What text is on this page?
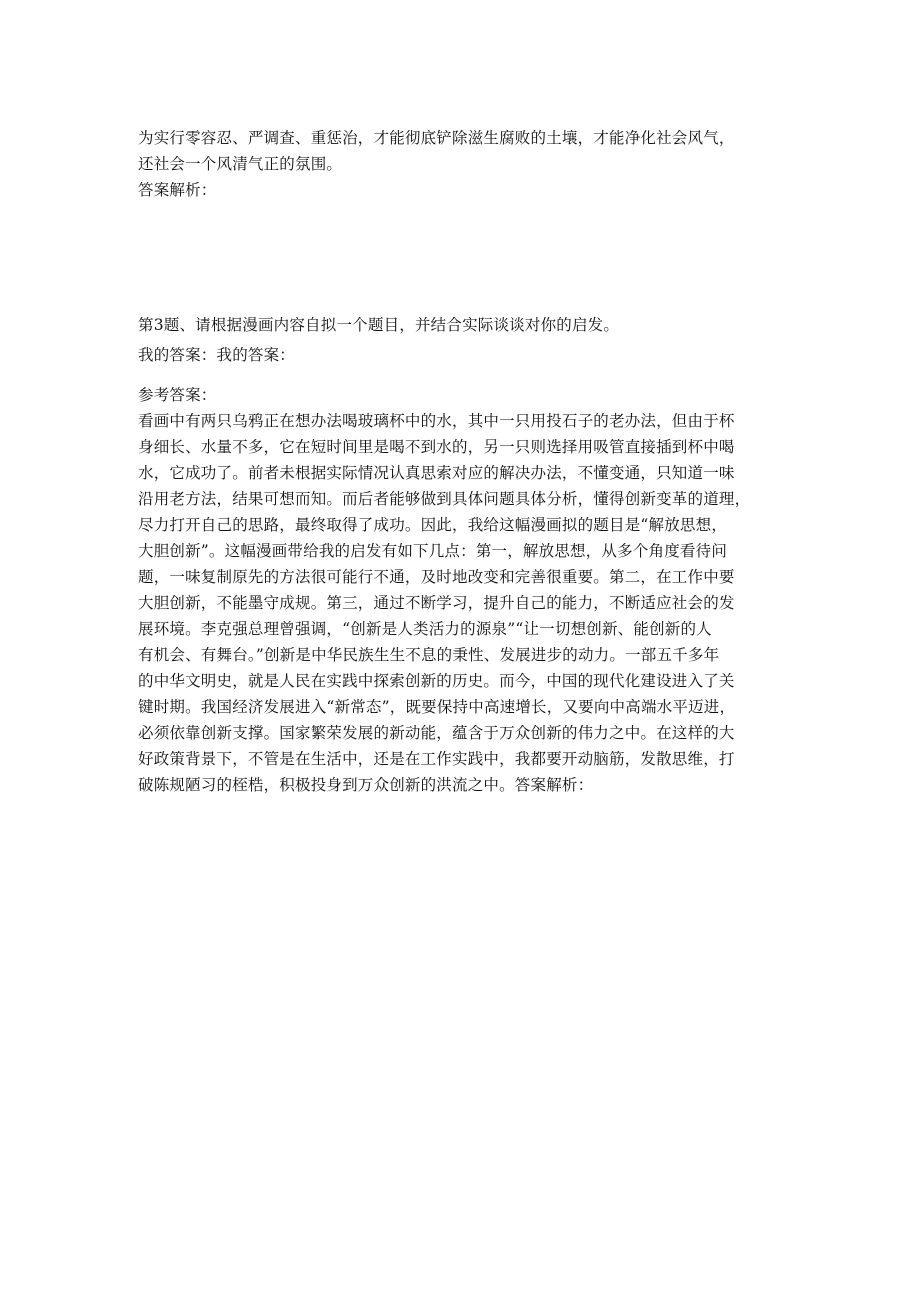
为实行零容忍、严调查、重惩治，才能彻底铲除滋生腐败的土壤，才能净化社会风气，
还社会一个风清气正的氛围。
答案解析：
第3题、请根据漫画内容自拟一个题目，并结合实际谈谈对你的启发。
我的答案：我的答案：
参考答案：
看画中有两只乌鸦正在想办法喝玻璃杯中的水，其中一只用投石子的老办法，但由于杯
身细长、水量不多，它在短时间里是喝不到水的，另一只则选择用吸管直接插到杯中喝
水，它成功了。前者未根据实际情况认真思索对应的解决办法，不懂变通，只知道一味
沿用老方法，结果可想而知。而后者能够做到具体问题具体分析，懂得创新变革的道理，
尽力打开自己的思路，最终取得了成功。因此，我给这幅漫画拟的题目是“解放思想，
大胆创新”。这幅漫画带给我的启发有如下几点：第一，解放思想，从多个角度看待问
题，一味复制原先的方法很可能行不通，及时地改变和完善很重要。第二，在工作中要
大胆创新，不能墨守成规。第三，通过不断学习，提升自己的能力，不断适应社会的发
展环境。李克强总理曾强调，“创新是人类活力的源泉”“让一切想创新、能创新的人
有机会、有舞台。”创新是中华民族生生不息的秉性、发展进步的动力。一部五千多年
的中华文明史，就是人民在实践中探索创新的历史。而今，中国的现代化建设进入了关
键时期。我国经济发展进入“新常态”，既要保持中高速增长，又要向中高端水平迈进，
必须依靠创新支撑。国家繁荣发展的新动能，蕴含于万众创新的伟力之中。在这样的大
好政策背景下，不管是在生活中，还是在工作实践中，我都要开动脑筋，发散思维，打
破陈规陋习的桎梏，积极投身到万众创新的洪流之中。答案解析：
